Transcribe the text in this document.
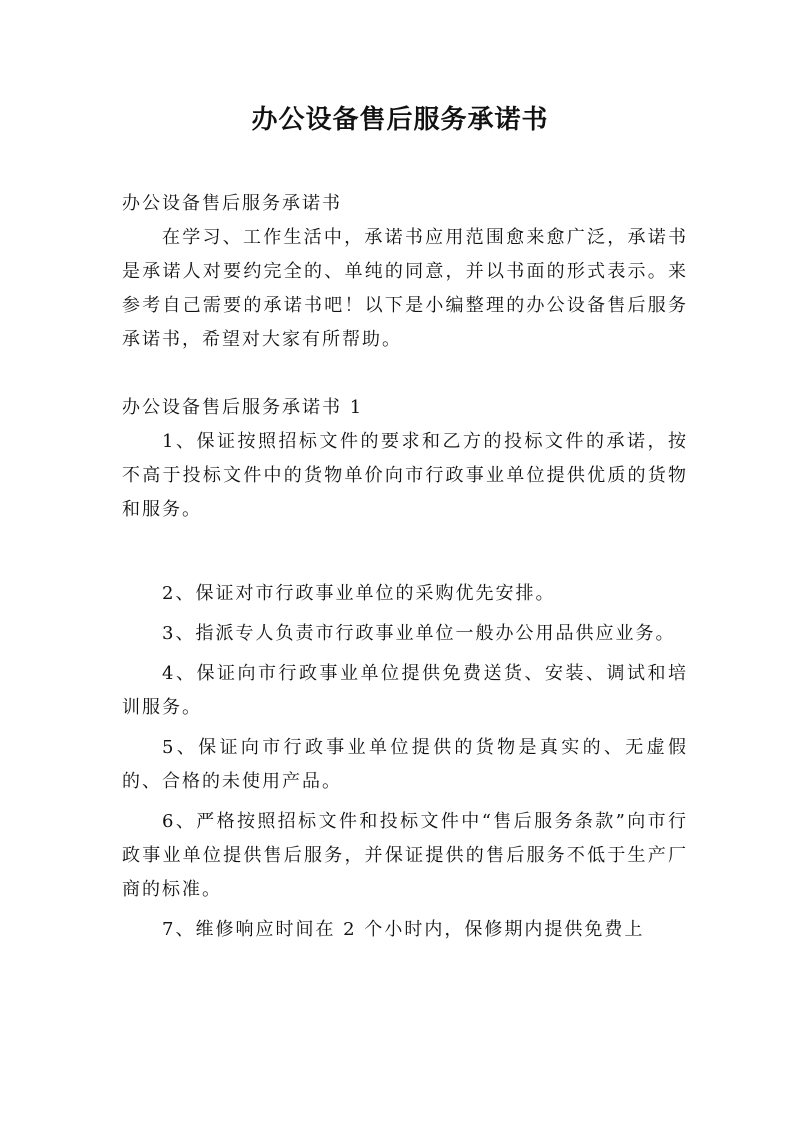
办公设备售后服务承诺书

办公设备售后服务承诺书

在学习、工作生活中，承诺书应用范围愈来愈广泛，承诺书是承诺人对要约完全的、单纯的同意，并以书面的形式表示。来参考自己需要的承诺书吧！以下是小编整理的办公设备售后服务承诺书，希望对大家有所帮助。

办公设备售后服务承诺书 1

1、保证按照招标文件的要求和乙方的投标文件的承诺，按不高于投标文件中的货物单价向市行政事业单位提供优质的货物和服务。

2、保证对市行政事业单位的采购优先安排。

3、指派专人负责市行政事业单位一般办公用品供应业务。

4、保证向市行政事业单位提供免费送货、安装、调试和培训服务。

5、保证向市行政事业单位提供的货物是真实的、无虚假的、合格的未使用产品。

6、严格按照招标文件和投标文件中“售后服务条款”向市行政事业单位提供售后服务，并保证提供的售后服务不低于生产厂商的标准。

7、维修响应时间在 2 个小时内，保修期内提供免费上
